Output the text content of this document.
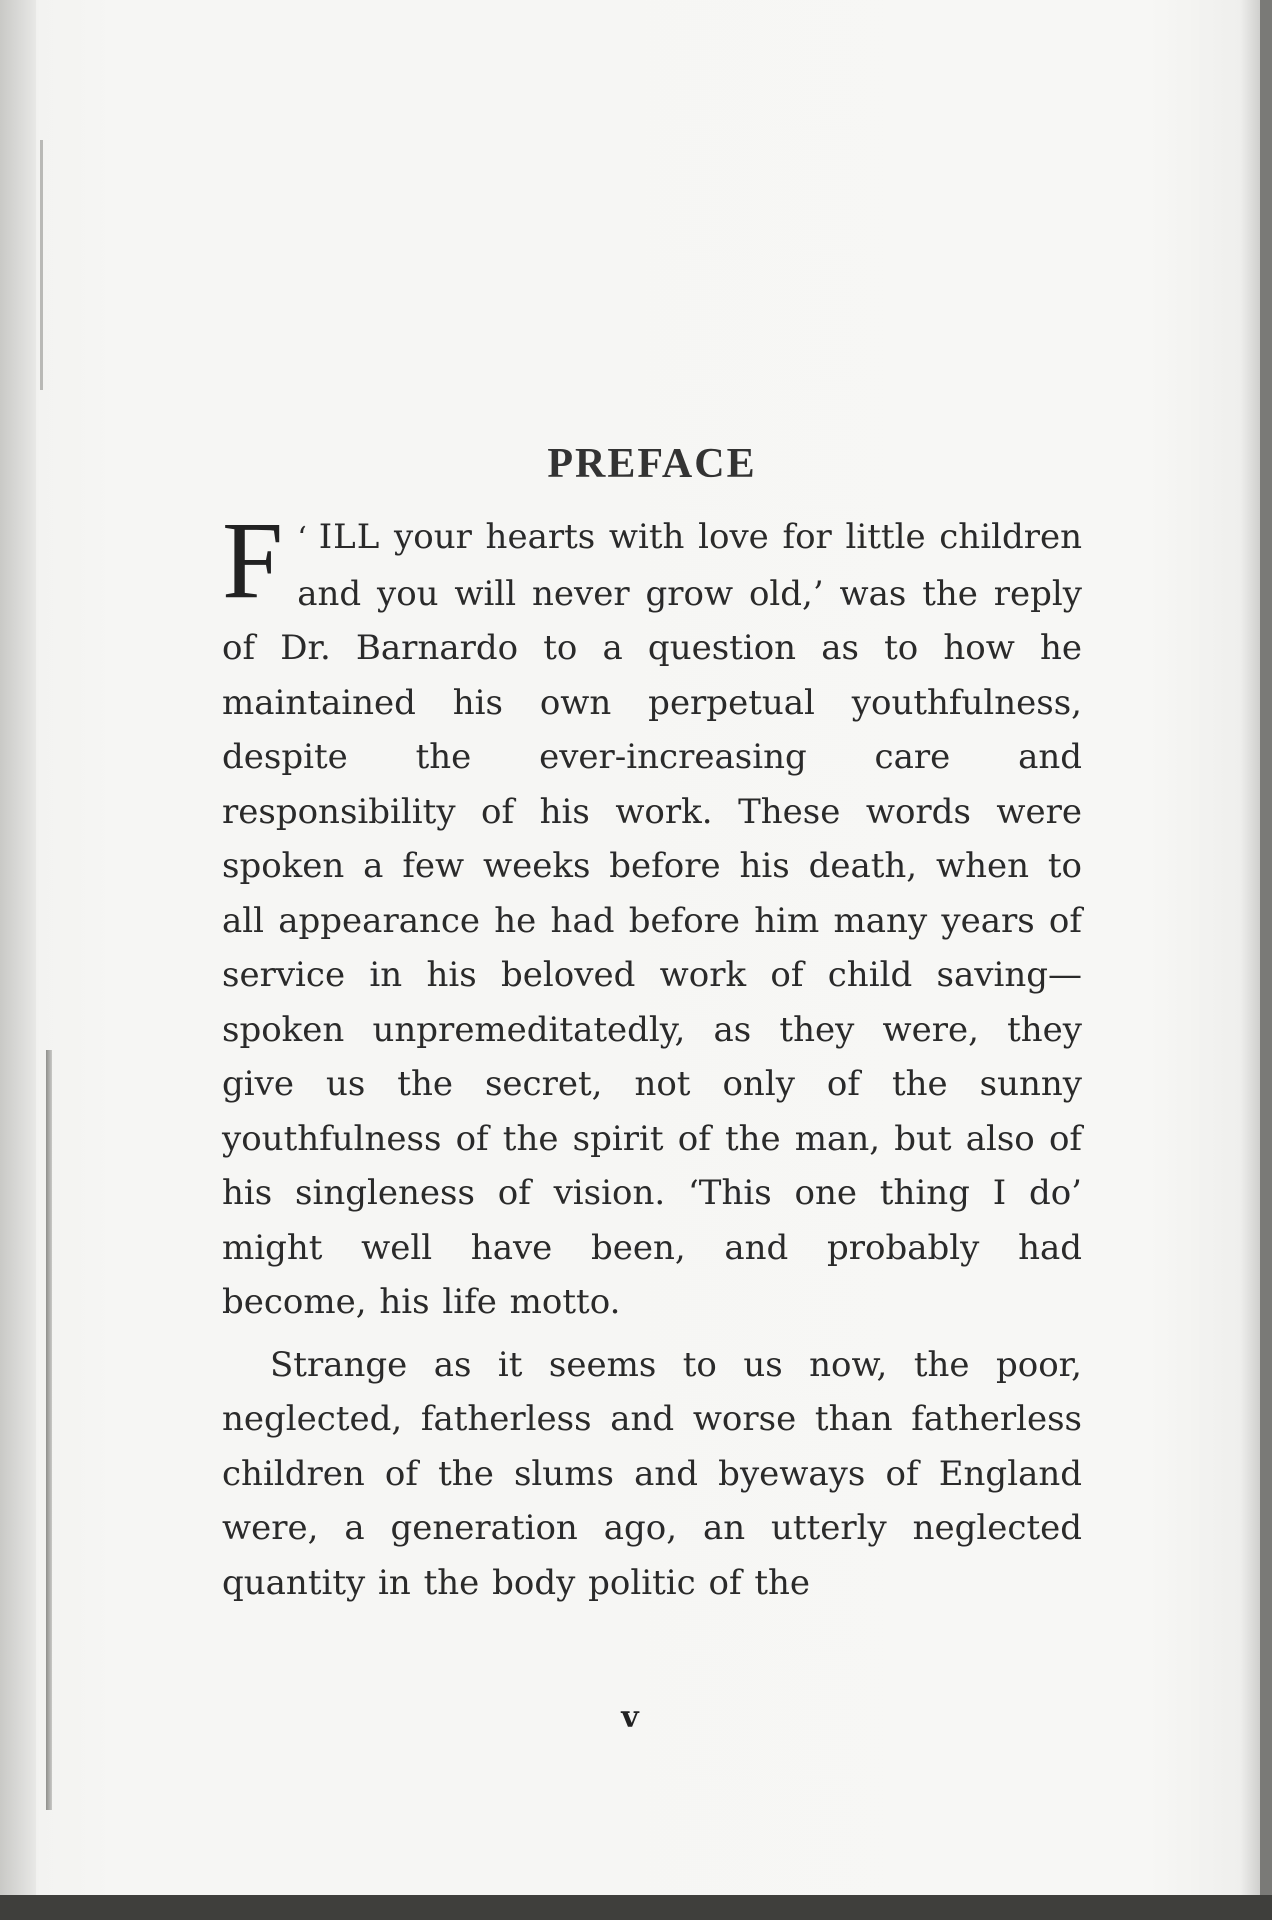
PREFACE

‘
F ILL your hearts with love for little children and you will never grow old,’ was the reply of Dr. Barnardo to a question as to how he maintained his own perpetual youthfulness, despite the ever-increasing care and responsibility of his work. These words were spoken a few weeks before his death, when to all appearance he had before him many years of service in his beloved work of child saving—spoken unpremeditatedly, as they were, they give us the secret, not only of the sunny youthfulness of the spirit of the man, but also of his singleness of vision. ‘This one thing I do’ might well have been, and probably had become, his life motto.

Strange as it seems to us now, the poor, neglected, fatherless and worse than fatherless children of the slums and byeways of England were, a generation ago, an utterly neglected quantity in the body politic of the

v
